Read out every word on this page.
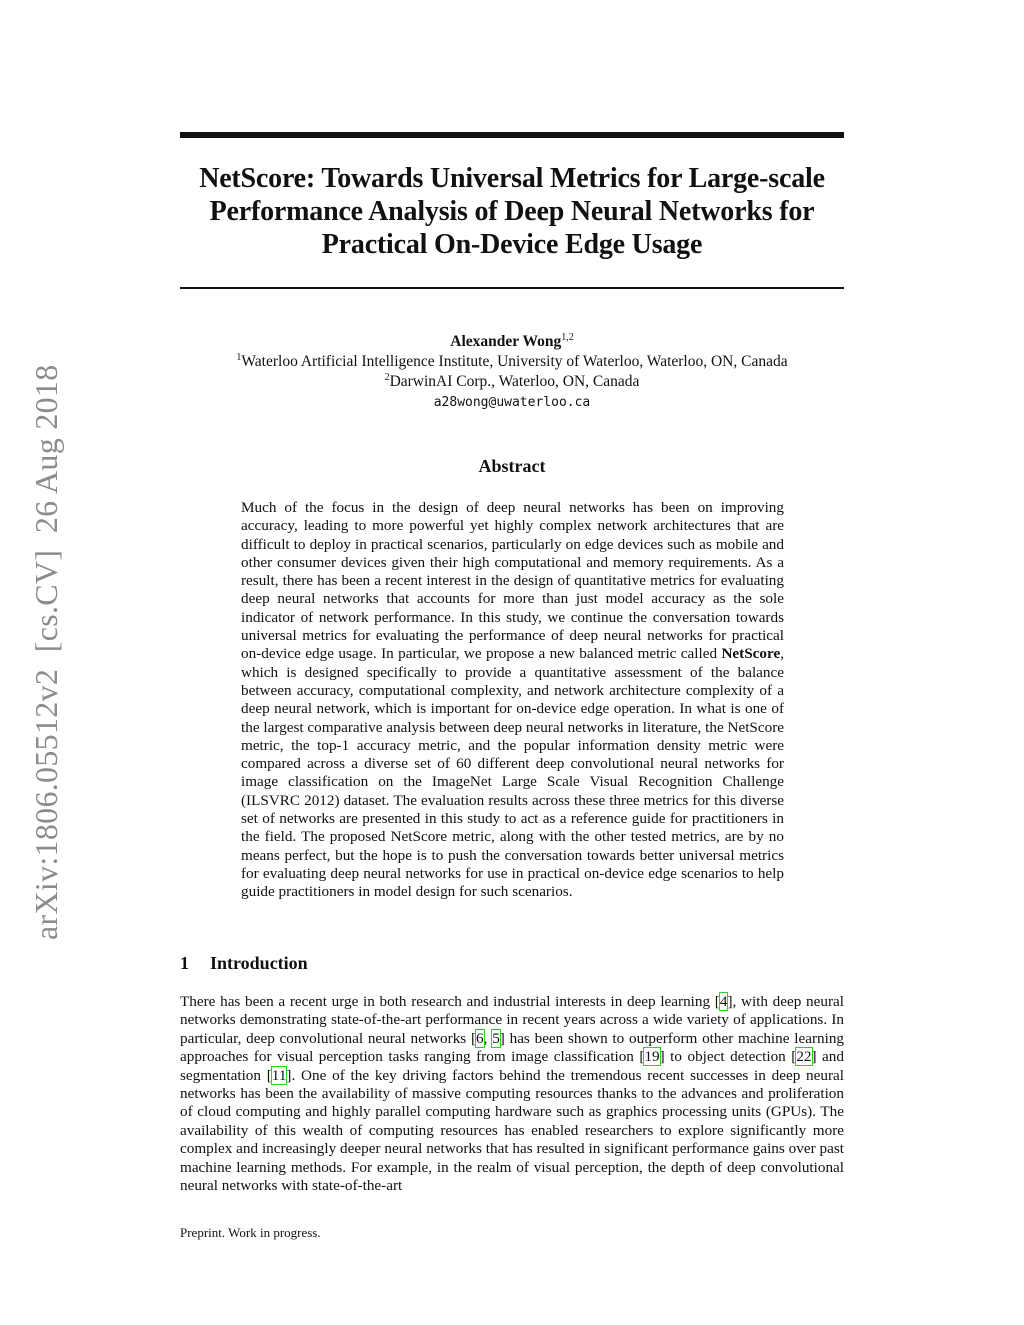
arXiv:1806.05512v2  [cs.CV]  26 Aug 2018
NetScore: Towards Universal Metrics for Large-scale
Performance Analysis of Deep Neural Networks for
Practical On-Device Edge Usage
Alexander Wong$^{1,2}$
$^1$Waterloo Artificial Intelligence Institute, University of Waterloo, Waterloo, ON, Canada
$^2$DarwinAI Corp., Waterloo, ON, Canada
a28wong@uwaterloo.ca
Abstract
Much of the focus in the design of deep neural networks has been on improving accuracy, leading to more powerful yet highly complex network architectures that are difficult to deploy in practical scenarios, particularly on edge devices such as mobile and other consumer devices given their high computational and memory requirements. As a result, there has been a recent interest in the design of quantitative metrics for evaluating deep neural networks that accounts for more than just model accuracy as the sole indicator of network performance. In this study, we continue the conversation towards universal metrics for evaluating the performance of deep neural networks for practical on-device edge usage. In particular, we propose a new balanced metric called NetScore, which is designed specifically to provide a quantitative assessment of the balance between accuracy, computational complexity, and network architecture complexity of a deep neural network, which is important for on-device edge operation. In what is one of the largest comparative analysis between deep neural networks in literature, the NetScore metric, the top-1 accuracy metric, and the popular information density metric were compared across a diverse set of 60 different deep convolutional neural networks for image classification on the ImageNet Large Scale Visual Recognition Challenge (ILSVRC 2012) dataset. The evaluation results across these three metrics for this diverse set of networks are presented in this study to act as a reference guide for practitioners in the field. The proposed NetScore metric, along with the other tested metrics, are by no means perfect, but the hope is to push the conversation towards better universal metrics for evaluating deep neural networks for use in practical on-device edge scenarios to help guide practitioners in model design for such scenarios.
1 Introduction
There has been a recent urge in both research and industrial interests in deep learning [4], with deep neural networks demonstrating state-of-the-art performance in recent years across a wide variety of applications. In particular, deep convolutional neural networks [6, 5] has been shown to outperform other machine learning approaches for visual perception tasks ranging from image classification [19] to object detection [22] and segmentation [11]. One of the key driving factors behind the tremendous recent successes in deep neural networks has been the availability of massive computing resources thanks to the advances and proliferation of cloud computing and highly parallel computing hardware such as graphics processing units (GPUs). The availability of this wealth of computing resources has enabled researchers to explore significantly more complex and increasingly deeper neural networks that has resulted in significant performance gains over past machine learning methods. For example, in the realm of visual perception, the depth of deep convolutional neural networks with state-of-the-art
Preprint. Work in progress.
